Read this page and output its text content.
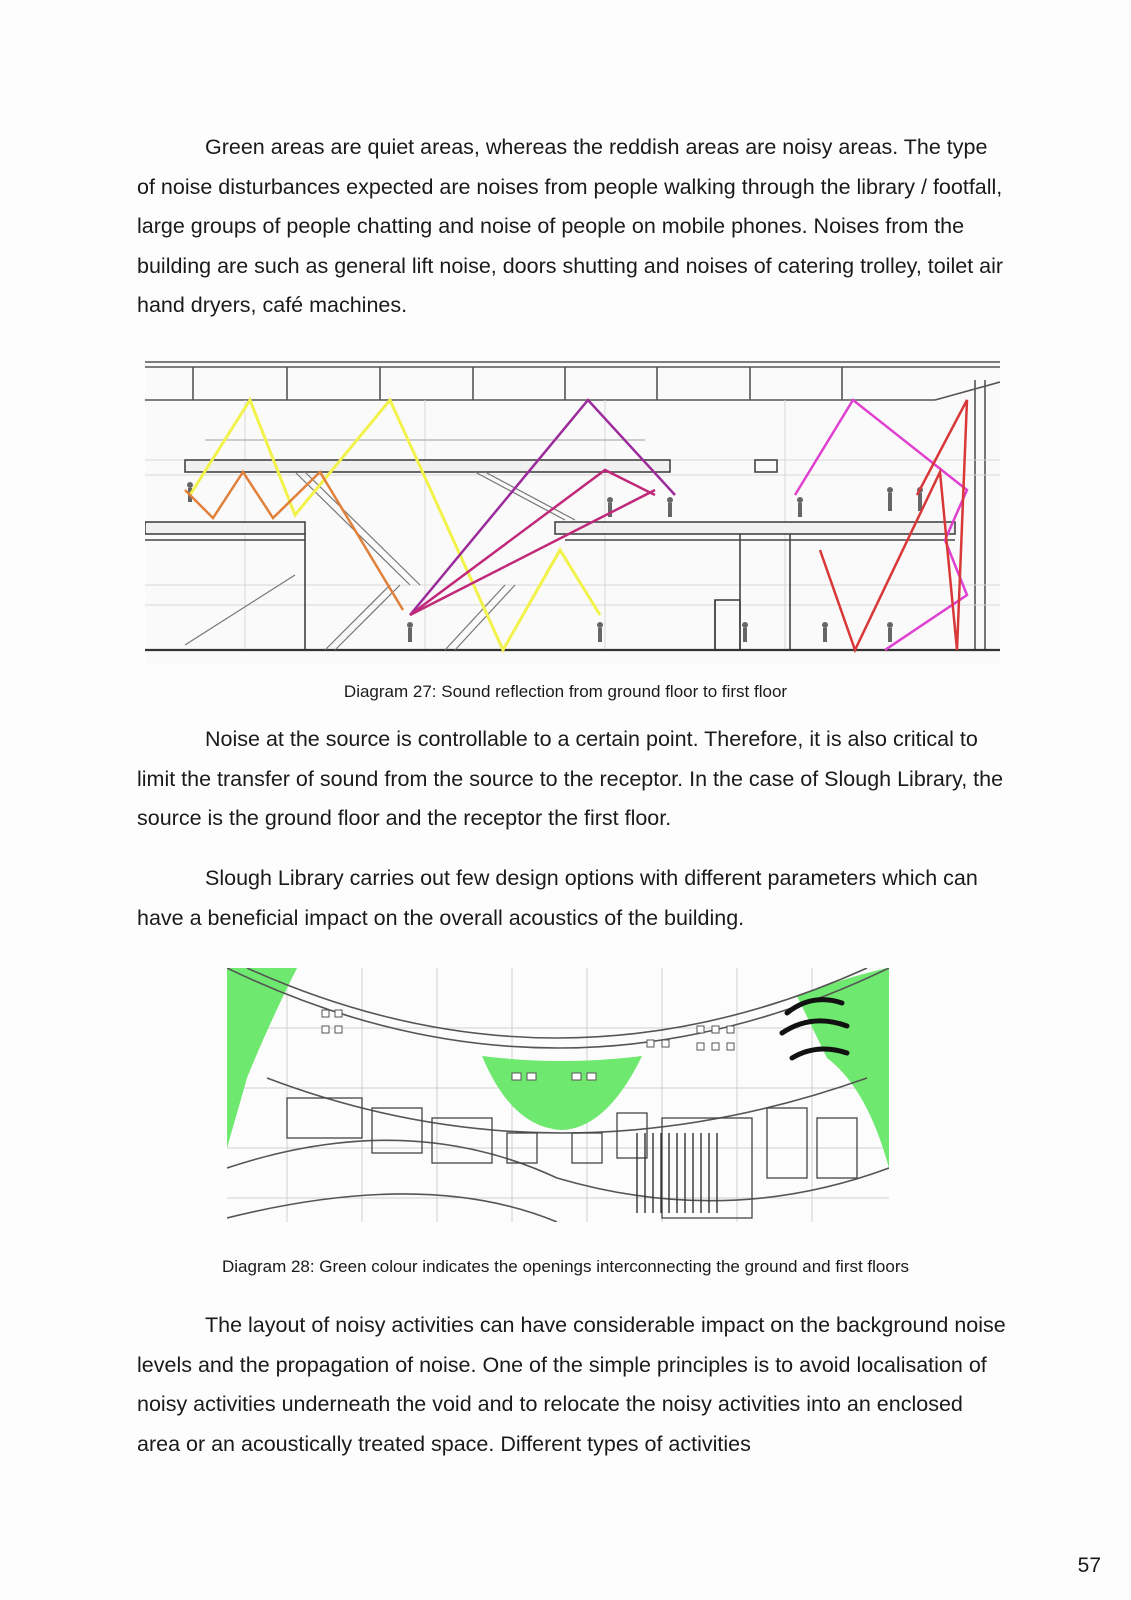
Green areas are quiet areas, whereas the reddish areas are noisy areas. The type of noise disturbances expected are noises from people walking through the library / footfall, large groups of people chatting and noise of people on mobile phones. Noises from the building are such as general lift noise, doors shutting and noises of catering trolley, toilet air hand dryers, café machines.

Diagram 27: Sound reflection from ground floor to first floor

Noise at the source is controllable to a certain point. Therefore, it is also critical to limit the transfer of sound from the source to the receptor. In the case of Slough Library, the source is the ground floor and the receptor the first floor.

Slough Library carries out few design options with different parameters which can have a beneficial impact on the overall acoustics of the building.

Diagram 28: Green colour indicates the openings interconnecting the ground and first floors

The layout of noisy activities can have considerable impact on the background noise levels and the propagation of noise. One of the simple principles is to avoid localisation of noisy activities underneath the void and to relocate the noisy activities into an enclosed area or an acoustically treated space. Different types of activities

57
